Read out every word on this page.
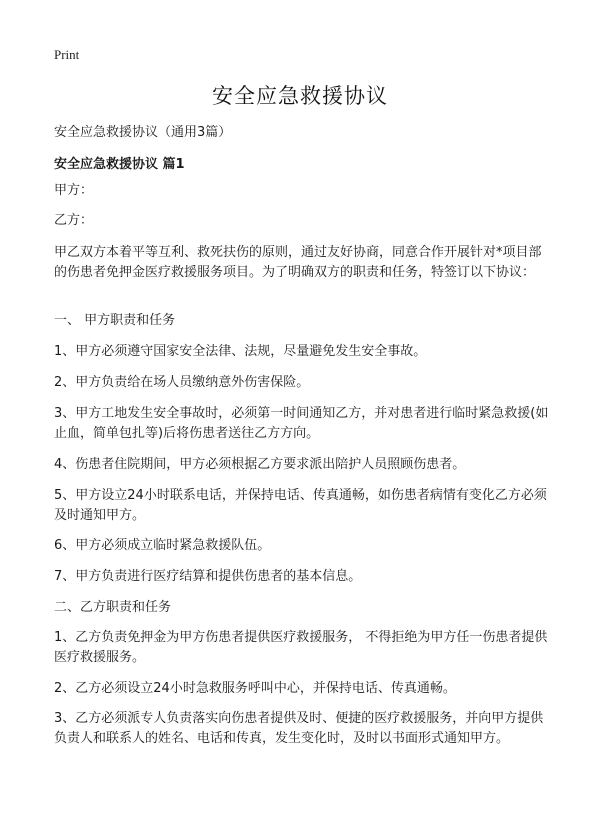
Print
安全应急救援协议
安全应急救援协议（通用3篇）
安全应急救援协议 篇1

甲方：

乙方：

甲乙双方本着平等互利、救死扶伤的原则，通过友好协商，同意合作开展针对*项目部的伤患者免押金医疗救援服务项目。为了明确双方的职责和任务，特签订以下协议：

一、 甲方职责和任务

1、甲方必须遵守国家安全法律、法规，尽量避免发生安全事故。

2、甲方负责给在场人员缴纳意外伤害保险。

3、甲方工地发生安全事故时，必须第一时间通知乙方，并对患者进行临时紧急救援(如止血，简单包扎等)后将伤患者送往乙方方向。

4、伤患者住院期间，甲方必须根据乙方要求派出陪护人员照顾伤患者。

5、甲方设立24小时联系电话，并保持电话、传真通畅，如伤患者病情有变化乙方必须及时通知甲方。

6、甲方必须成立临时紧急救援队伍。

7、甲方负责进行医疗结算和提供伤患者的基本信息。

二、乙方职责和任务

1、乙方负责免押金为甲方伤患者提供医疗救援服务， 不得拒绝为甲方任一伤患者提供医疗救援服务。

2、乙方必须设立24小时急救服务呼叫中心，并保持电话、传真通畅。

3、乙方必须派专人负责落实向伤患者提供及时、便捷的医疗救援服务，并向甲方提供负责人和联系人的姓名、电话和传真，发生变化时，及时以书面形式通知甲方。
